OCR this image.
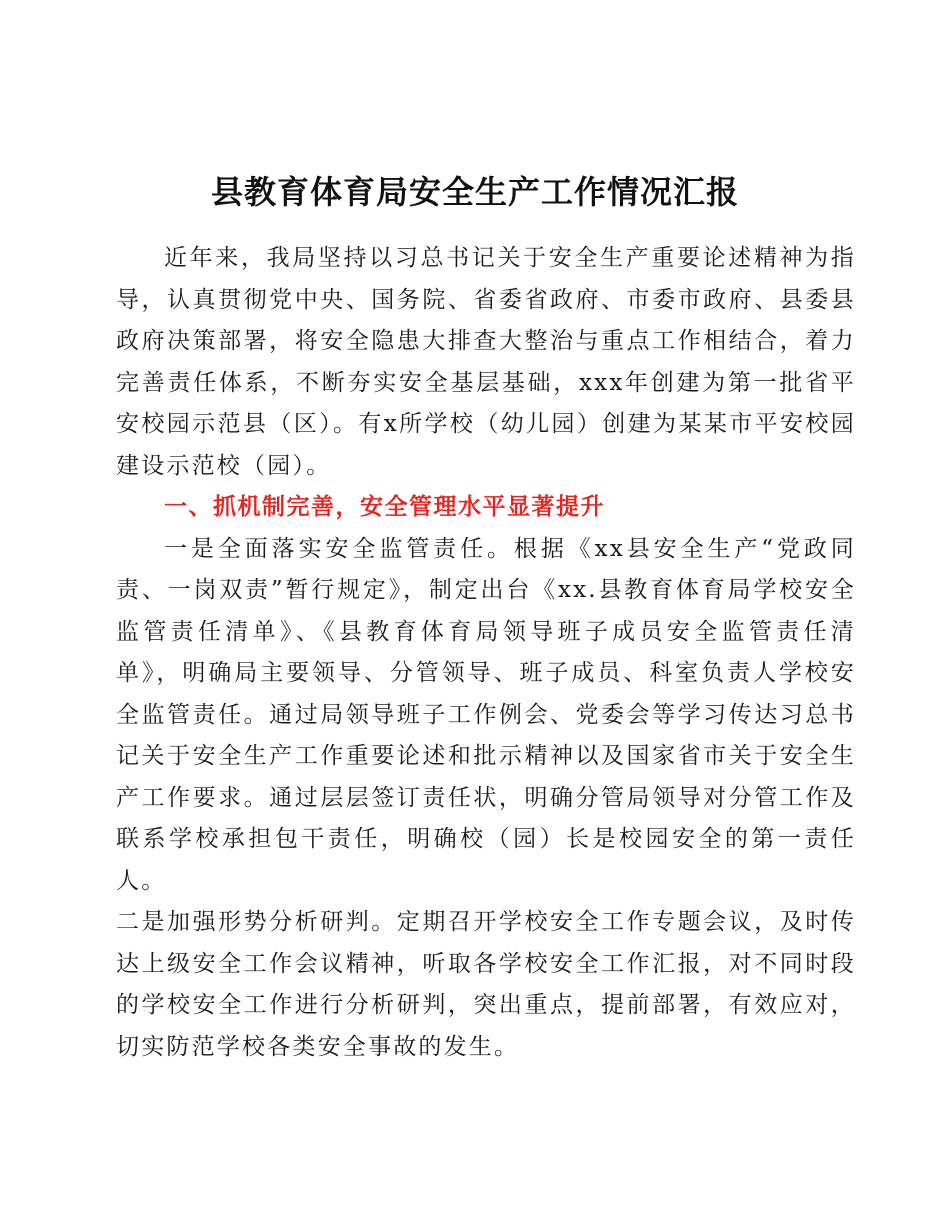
县教育体育局安全生产工作情况汇报

近年来，我局坚持以习总书记关于安全生产重要论述精神为指导，认真贯彻党中央、国务院、省委省政府、市委市政府、县委县政府决策部署，将安全隐患大排查大整治与重点工作相结合，着力完善责任体系，不断夯实安全基层基础，xxx年创建为第一批省平安校园示范县（区）。有x所学校（幼儿园）创建为某某市平安校园建设示范校（园）。

一、抓机制完善，安全管理水平显著提升

一是全面落实安全监管责任。根据《xx县安全生产“党政同责、一岗双责”暂行规定》，制定出台《xx.县教育体育局学校安全监管责任清单》、《县教育体育局领导班子成员安全监管责任清单》，明确局主要领导、分管领导、班子成员、科室负责人学校安全监管责任。通过局领导班子工作例会、党委会等学习传达习总书记关于安全生产工作重要论述和批示精神以及国家省市关于安全生产工作要求。通过层层签订责任状，明确分管局领导对分管工作及联系学校承担包干责任，明确校（园）长是校园安全的第一责任人。

二是加强形势分析研判。定期召开学校安全工作专题会议，及时传达上级安全工作会议精神，听取各学校安全工作汇报，对不同时段的学校安全工作进行分析研判，突出重点，提前部署，有效应对，切实防范学校各类安全事故的发生。
